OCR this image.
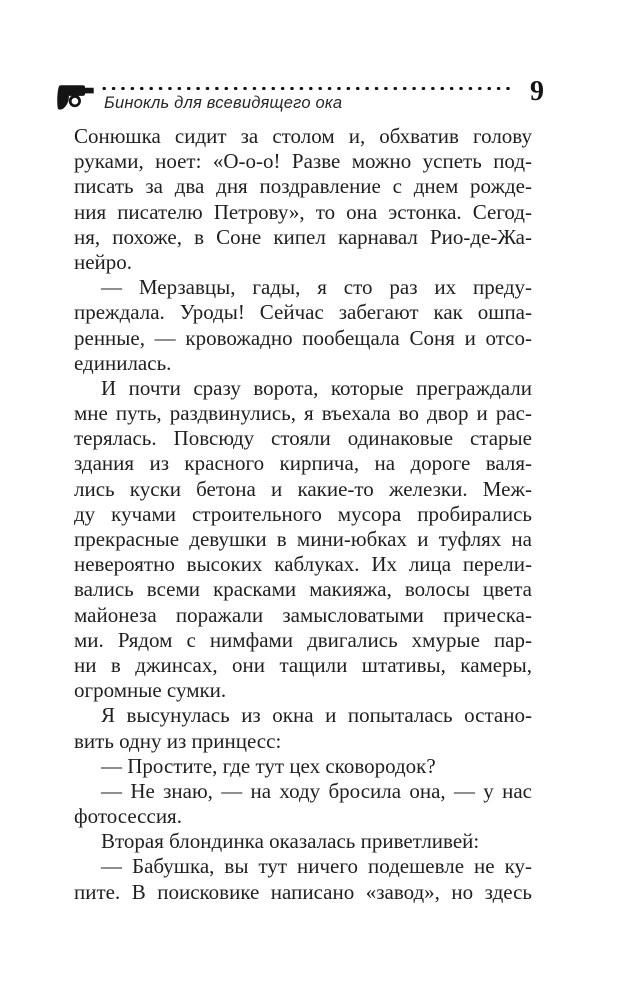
Бинокль для всевидящего ока	9
Сонюшка сидит за столом и, обхватив голову
руками, ноет: «О-о-о! Разве можно успеть под-
писать за два дня поздравление с днем рожде-
ния писателю Петрову», то она эстонка. Сегод-
ня, похоже, в Соне кипел карнавал Рио-де-Жа-
нейро.
— Мерзавцы, гады, я сто раз их преду-
преждала. Уроды! Сейчас забегают как ошпа-
ренные, — кровожадно пообещала Соня и отсо-
единилась.
И почти сразу ворота, которые преграждали
мне путь, раздвинулись, я въехала во двор и рас-
терялась. Повсюду стояли одинаковые старые
здания из красного кирпича, на дороге валя-
лись куски бетона и какие-то железки. Меж-
ду кучами строительного мусора пробирались
прекрасные девушки в мини-юбках и туфлях на
невероятно высоких каблуках. Их лица перели-
вались всеми красками макияжа, волосы цвета
майонеза поражали замысловатыми прическа-
ми. Рядом с нимфами двигались хмурые пар-
ни в джинсах, они тащили штативы, камеры,
огромные сумки.
Я высунулась из окна и попыталась остано-
вить одну из принцесс:
— Простите, где тут цех сковородок?
— Не знаю, — на ходу бросила она, — у нас
фотосессия.
Вторая блондинка оказалась приветливей:
— Бабушка, вы тут ничего подешевле не ку-
пите. В поисковике написано «завод», но здесь
